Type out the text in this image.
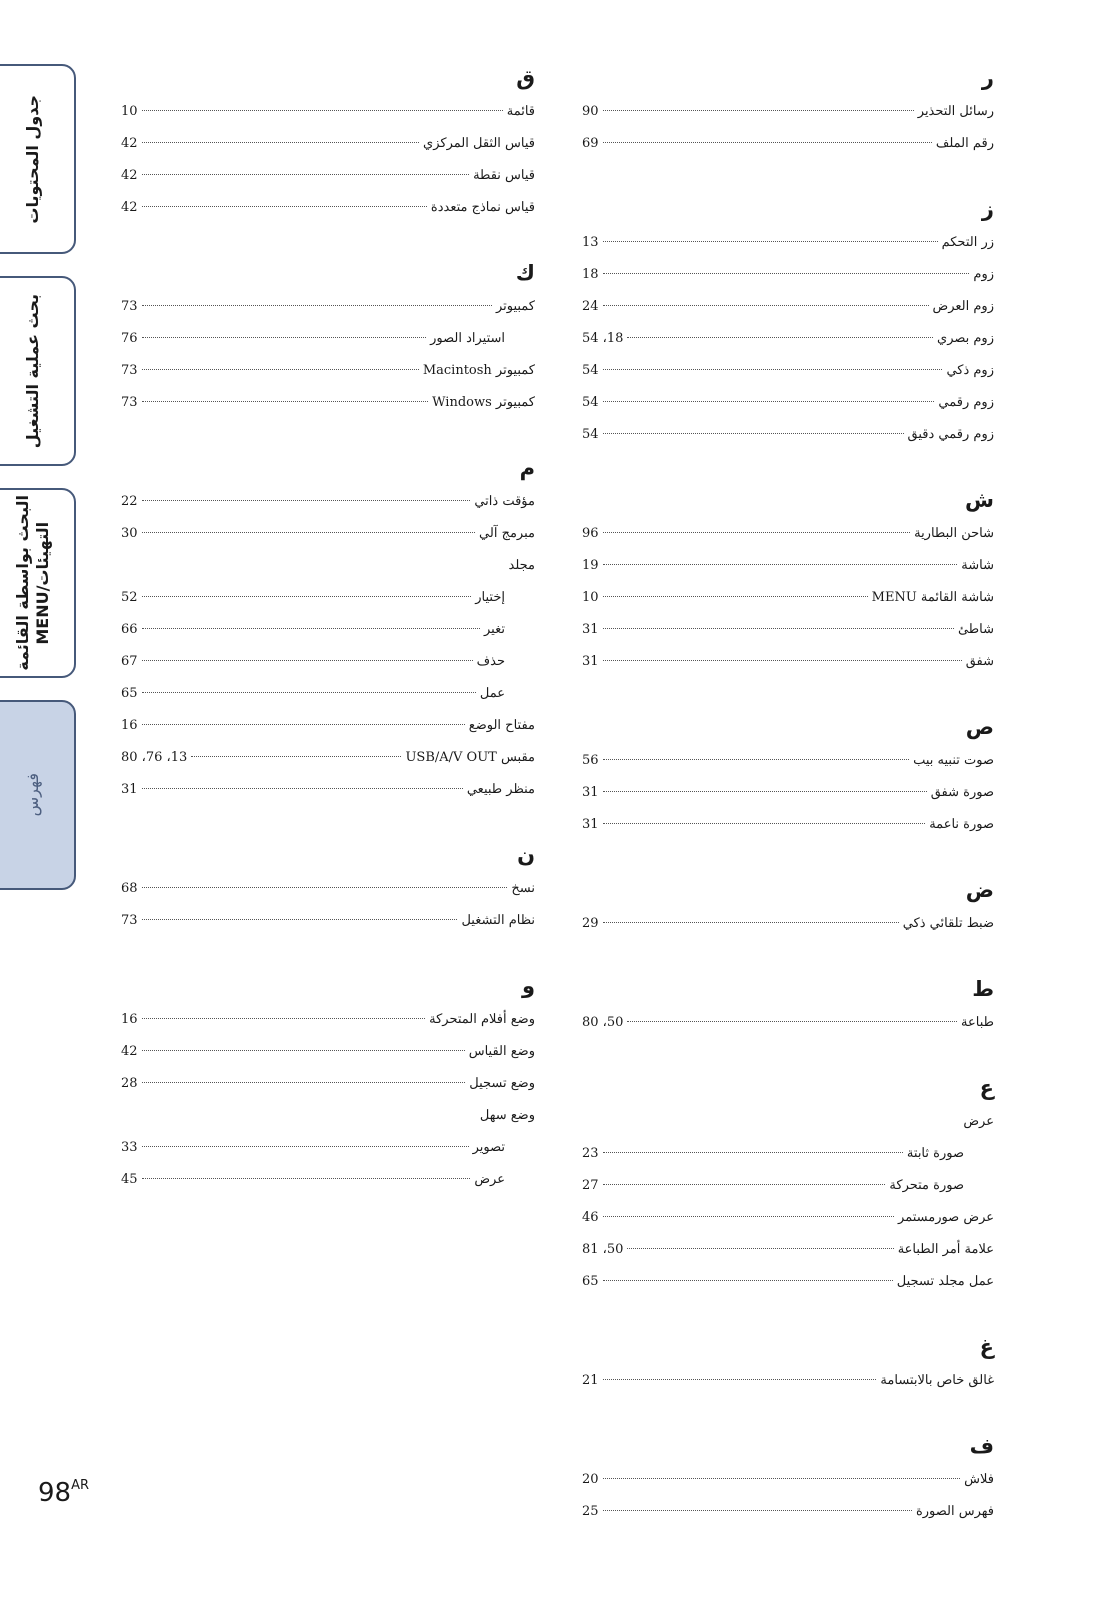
جدول المحتويات
بحث عملية التشغيل
البحث بواسطة القائمة
MENU/التهيئات
فهرس
ر
رسائل التحذير
90
رقم الملف
69
ز
زر التحكم
13
زوم
18
زوم العرض
24
زوم بصري
18، 54
زوم ذكي
54
زوم رقمي
54
زوم رقمي دقيق
54
ش
شاحن البطارية
96
شاشة
19
شاشة القائمة MENU
10
شاطئ
31
شفق
31
ص
صوت تنبيه بيب
56
صورة شفق
31
صورة ناعمة
31
ض
ضبط تلقائي ذكي
29
ط
طباعة
50، 80
ع
عرض
صورة ثابتة
23
صورة متحركة
27
عرض صورمستمر
46
علامة أمر الطباعة
50، 81
عمل مجلد تسجيل
65
غ
غالق خاص بالابتسامة
21
ف
فلاش
20
فهرس الصورة
25
ق
قائمة
10
قياس الثقل المركزي
42
قياس نقطة
42
قياس نماذج متعددة
42
ك
كمبيوتر
73
استيراد الصور
76
كمبيوتر Macintosh
73
كمبيوتر Windows
73
م
مؤقت ذاتي
22
مبرمج آلي
30
مجلد
إختيار
52
تغير
66
حذف
67
عمل
65
مفتاح الوضع
16
مقبس USB/A/V OUT
13، 76، 80
منظر طبيعي
31
ن
نسخ
68
نظام التشغيل
73
و
وضع أفلام المتحركة
16
وضع القياس
42
وضع تسجيل
28
وضع سهل
تصوير
33
عرض
45
$98^{AR}$
